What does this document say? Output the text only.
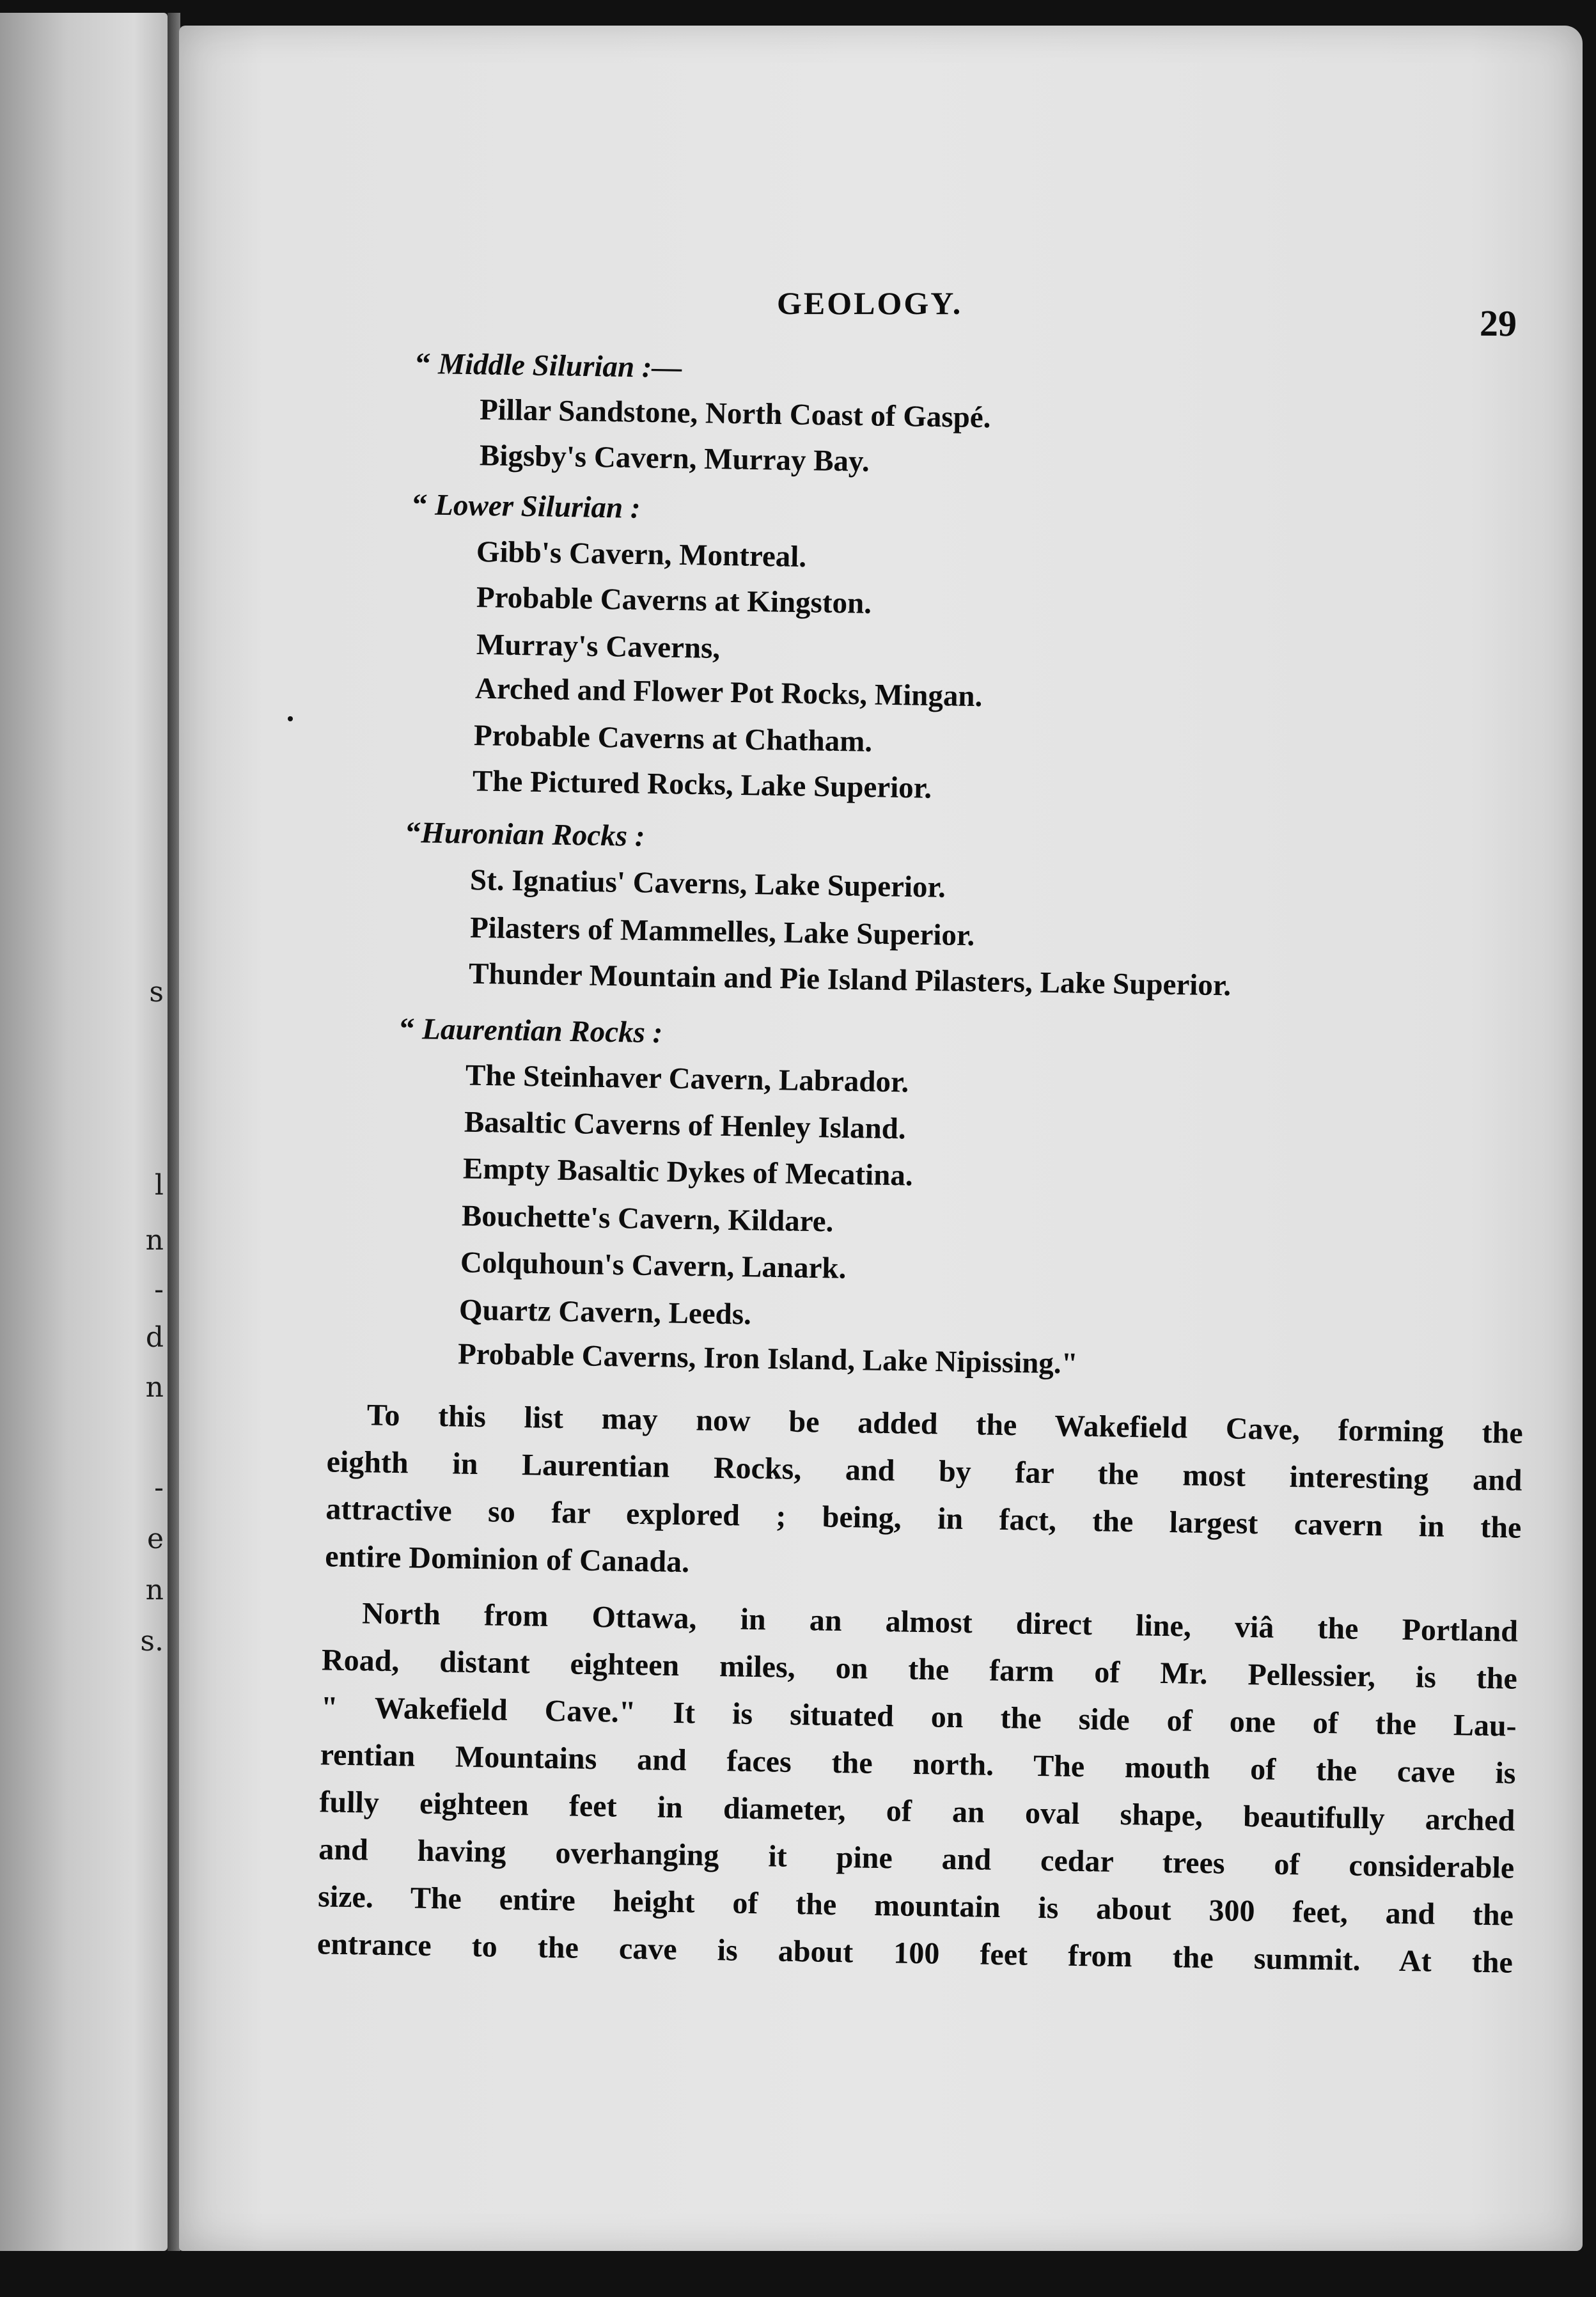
s
l
n
-
d
n
-
e
n
s.
GEOLOGY.	29
“ Middle Silurian :—
Pillar Sandstone, North Coast of Gaspé.
Bigsby's Cavern, Murray Bay.
“ Lower Silurian :
Gibb's Cavern, Montreal.
Probable Caverns at Kingston.
Murray's Caverns,
Arched and Flower Pot Rocks, Mingan.
Probable Caverns at Chatham.
The Pictured Rocks, Lake Superior.
“Huronian Rocks :
St. Ignatius' Caverns, Lake Superior.
Pilasters of Mammelles, Lake Superior.
Thunder Mountain and Pie Island Pilasters, Lake Superior.
“ Laurentian Rocks :
The Steinhaver Cavern, Labrador.
Basaltic Caverns of Henley Island.
Empty Basaltic Dykes of Mecatina.
Bouchette's Cavern, Kildare.
Colquhoun's Cavern, Lanark.
Quartz Cavern, Leeds.
Probable Caverns, Iron Island, Lake Nipissing."
To this list may now be added the Wakefield Cave, forming the
eighth in Laurentian Rocks, and by far the most interesting and
attractive so far explored ; being, in fact, the largest cavern in the
entire Dominion of Canada.
North from Ottawa, in an almost direct line, viâ the Portland
Road, distant eighteen miles, on the farm of Mr. Pellessier, is the
" Wakefield Cave." It is situated on the side of one of the Lau-
rentian Mountains and faces the north. The mouth of the cave is
fully eighteen feet in diameter, of an oval shape, beautifully arched
and having overhanging it pine and cedar trees of considerable
size. The entire height of the mountain is about 300 feet, and the
entrance to the cave is about 100 feet from the summit. At the
